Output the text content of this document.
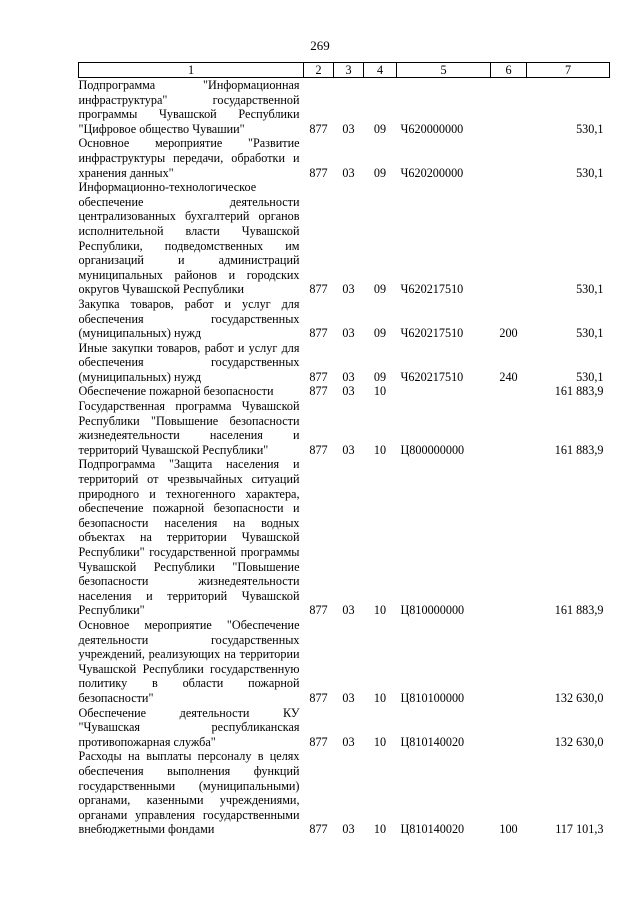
269
1	2	3	4	5	6	7
Подпрограмма "Информационная инфраструктура" государственной программы Чувашской Республики "Цифровое общество Чувашии"	877	03	09	Ч620000000		530,1
Основное мероприятие "Развитие инфраструктуры передачи, обработки и хранения данных"	877	03	09	Ч620200000		530,1
Информационно-технологическое обеспечение деятельности централизованных бухгалтерий органов исполнительной власти Чувашской Республики, подведомственных им организаций и администраций муниципальных районов и городских округов Чувашской Республики	877	03	09	Ч620217510		530,1
Закупка товаров, работ и услуг для обеспечения государственных (муниципальных) нужд	877	03	09	Ч620217510	200	530,1
Иные закупки товаров, работ и услуг для обеспечения государственных (муниципальных) нужд	877	03	09	Ч620217510	240	530,1
Обеспечение пожарной безопасности	877	03	10			161 883,9
Государственная программа Чувашской Республики "Повышение безопасности жизнедеятельности населения и территорий Чувашской Республики"	877	03	10	Ц800000000		161 883,9
Подпрограмма "Защита населения и территорий от чрезвычайных ситуаций природного и техногенного характера, обеспечение пожарной безопасности и безопасности населения на водных объектах на территории Чувашской Республики" государственной программы Чувашской Республики "Повышение безопасности жизнедеятельности населения и территорий Чувашской Республики"	877	03	10	Ц810000000		161 883,9
Основное мероприятие "Обеспечение деятельности государственных учреждений, реализующих на территории Чувашской Республики государственную политику в области пожарной безопасности"	877	03	10	Ц810100000		132 630,0
Обеспечение деятельности КУ "Чувашская республиканская противопожарная служба"	877	03	10	Ц810140020		132 630,0
Расходы на выплаты персоналу в целях обеспечения выполнения функций государственными (муниципальными) органами, казенными учреждениями, органами управления государственными внебюджетными фондами	877	03	10	Ц810140020	100	117 101,3
